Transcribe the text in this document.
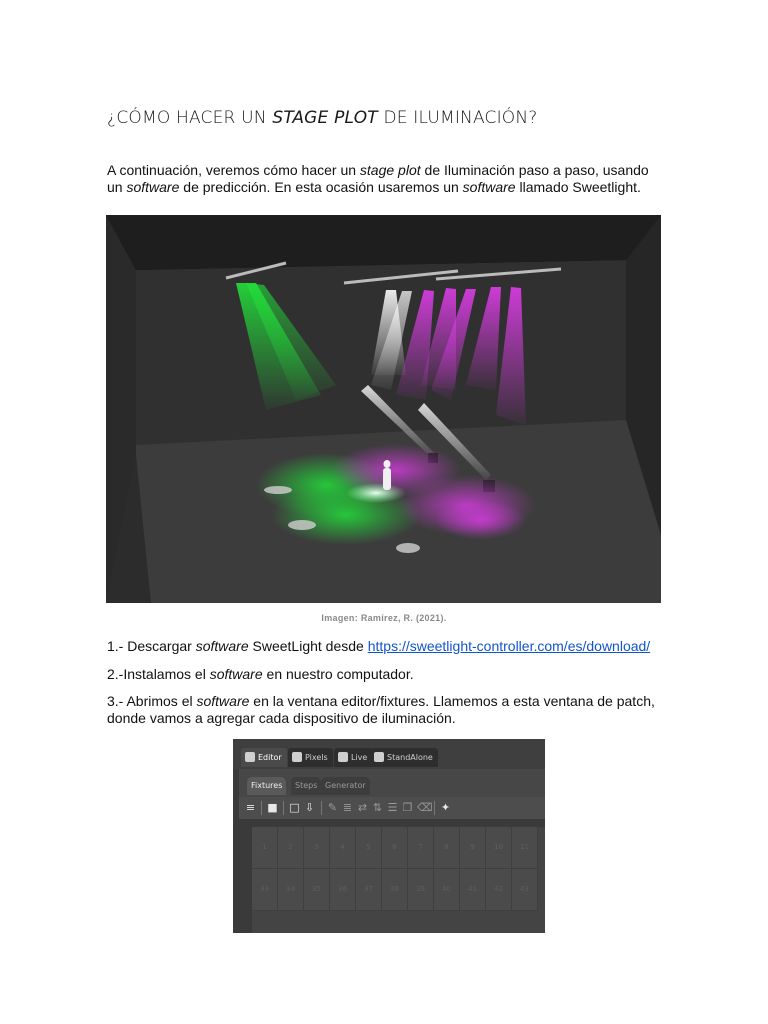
¿CÓMO HACER UN STAGE PLOT DE ILUMINACIÓN?
A continuación, veremos cómo hacer un stage plot de Iluminación paso a paso, usando un software de predicción. En esta ocasión usaremos un software llamado Sweetlight.
Imagen: Ramírez, R. (2021).
1.- Descargar software SweetLight desde https://sweetlight-controller.com/es/download/
2.-Instalamos el software en nuestro computador.
3.- Abrimos el software en la ventana editor/fixtures. Llamemos a esta ventana de patch, donde vamos a agregar cada dispositivo de iluminación.
Editor	Pixels	Live	StandAlone
Fixtures	Steps Generator
≡ ■ □ ⇩ ✎ ≣ ⇄ ⇅ ☰ ❐ ⌫ ✦
1	2	3	4	5	6	7	8	9	10	11
33	34	35	36	37	38	39	40	41	42	43
